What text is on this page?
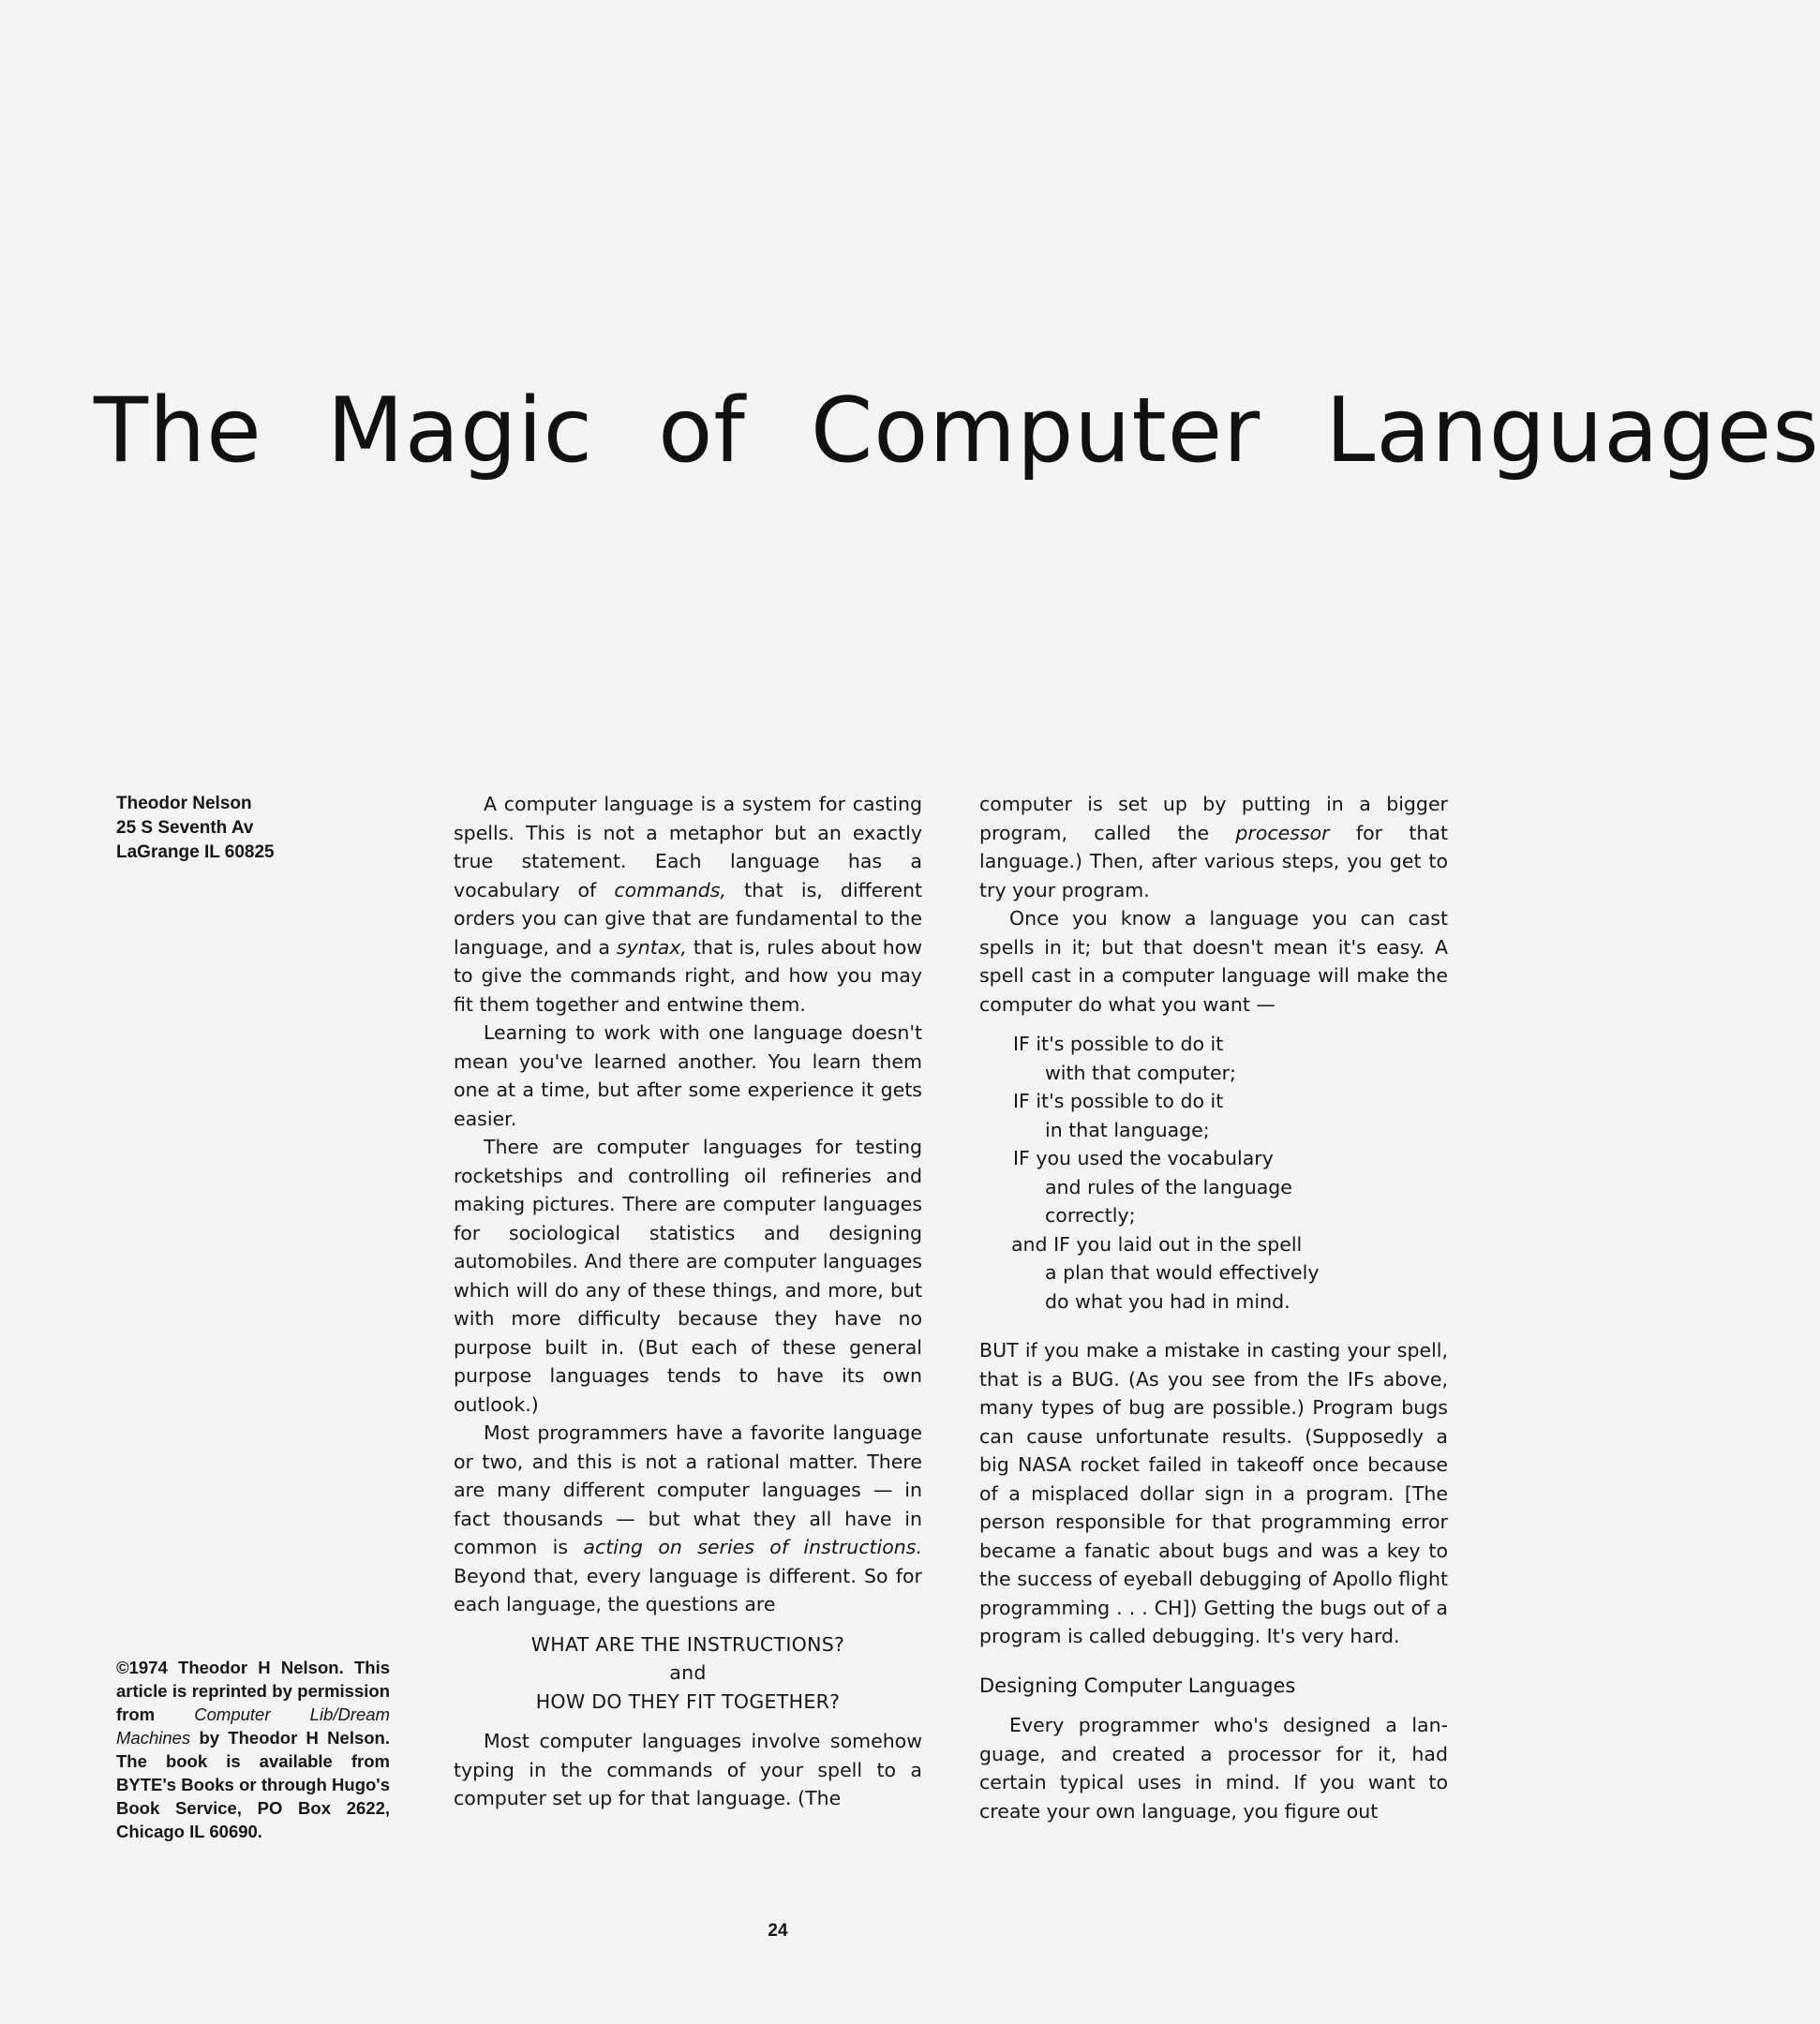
The Magic of Computer Languages
Theodor Nelson
25 S Seventh Av
LaGrange IL 60825
©1974 Theodor H Nelson. This article is reprinted by permission from Computer Lib/Dream Machines by Theodor H Nelson. The book is available from BYTE's Books or through Hugo's Book Service, PO Box 2622, Chicago IL 60690.

A computer language is a system for casting spells. This is not a metaphor but an exactly true statement. Each language has a vocabulary of commands, that is, different orders you can give that are fundamental to the language, and a syntax, that is, rules about how to give the commands right, and how you may fit them together and entwine them.

Learning to work with one language doesn't mean you've learned another. You learn them one at a time, but after some experience it gets easier.

There are computer languages for testing rocketships and controlling oil refineries and making pictures. There are computer languages for sociological statistics and designing automobiles. And there are computer languages which will do any of these things, and more, but with more difficulty because they have no purpose built in. (But each of these general purpose languages tends to have its own outlook.)

Most programmers have a favorite language or two, and this is not a rational matter. There are many different computer languages — in fact thousands — but what they all have in common is acting on series of instructions. Beyond that, every language is different. So for each language, the questions are

WHAT ARE THE INSTRUCTIONS?

and

HOW DO THEY FIT TOGETHER?

Most computer languages involve somehow typing in the commands of your spell to a computer set up for that language. (The

computer is set up by putting in a bigger program, called the processor for that language.) Then, after various steps, you get to try your program.

Once you know a language you can cast spells in it; but that doesn't mean it's easy. A spell cast in a computer language will make the computer do what you want —

IF it's possible to do it
with that computer;
IF it's possible to do it
in that language;
IF you used the vocabulary
and rules of the language
correctly;
and IF you laid out in the spell
a plan that would effectively
do what you had in mind.

BUT if you make a mistake in casting your spell, that is a BUG. (As you see from the IFs above, many types of bug are possible.) Program bugs can cause unfortunate results. (Supposedly a big NASA rocket failed in takeoff once because of a misplaced dollar sign in a program. [The person responsible for that programming error became a fanatic about bugs and was a key to the success of eyeball debugging of Apollo flight programming . . . CH]) Getting the bugs out of a program is called debugging. It's very hard.

Designing Computer Languages

Every programmer who's designed a language, and created a processor for it, had certain typical uses in mind. If you want to create your own language, you figure out

24
